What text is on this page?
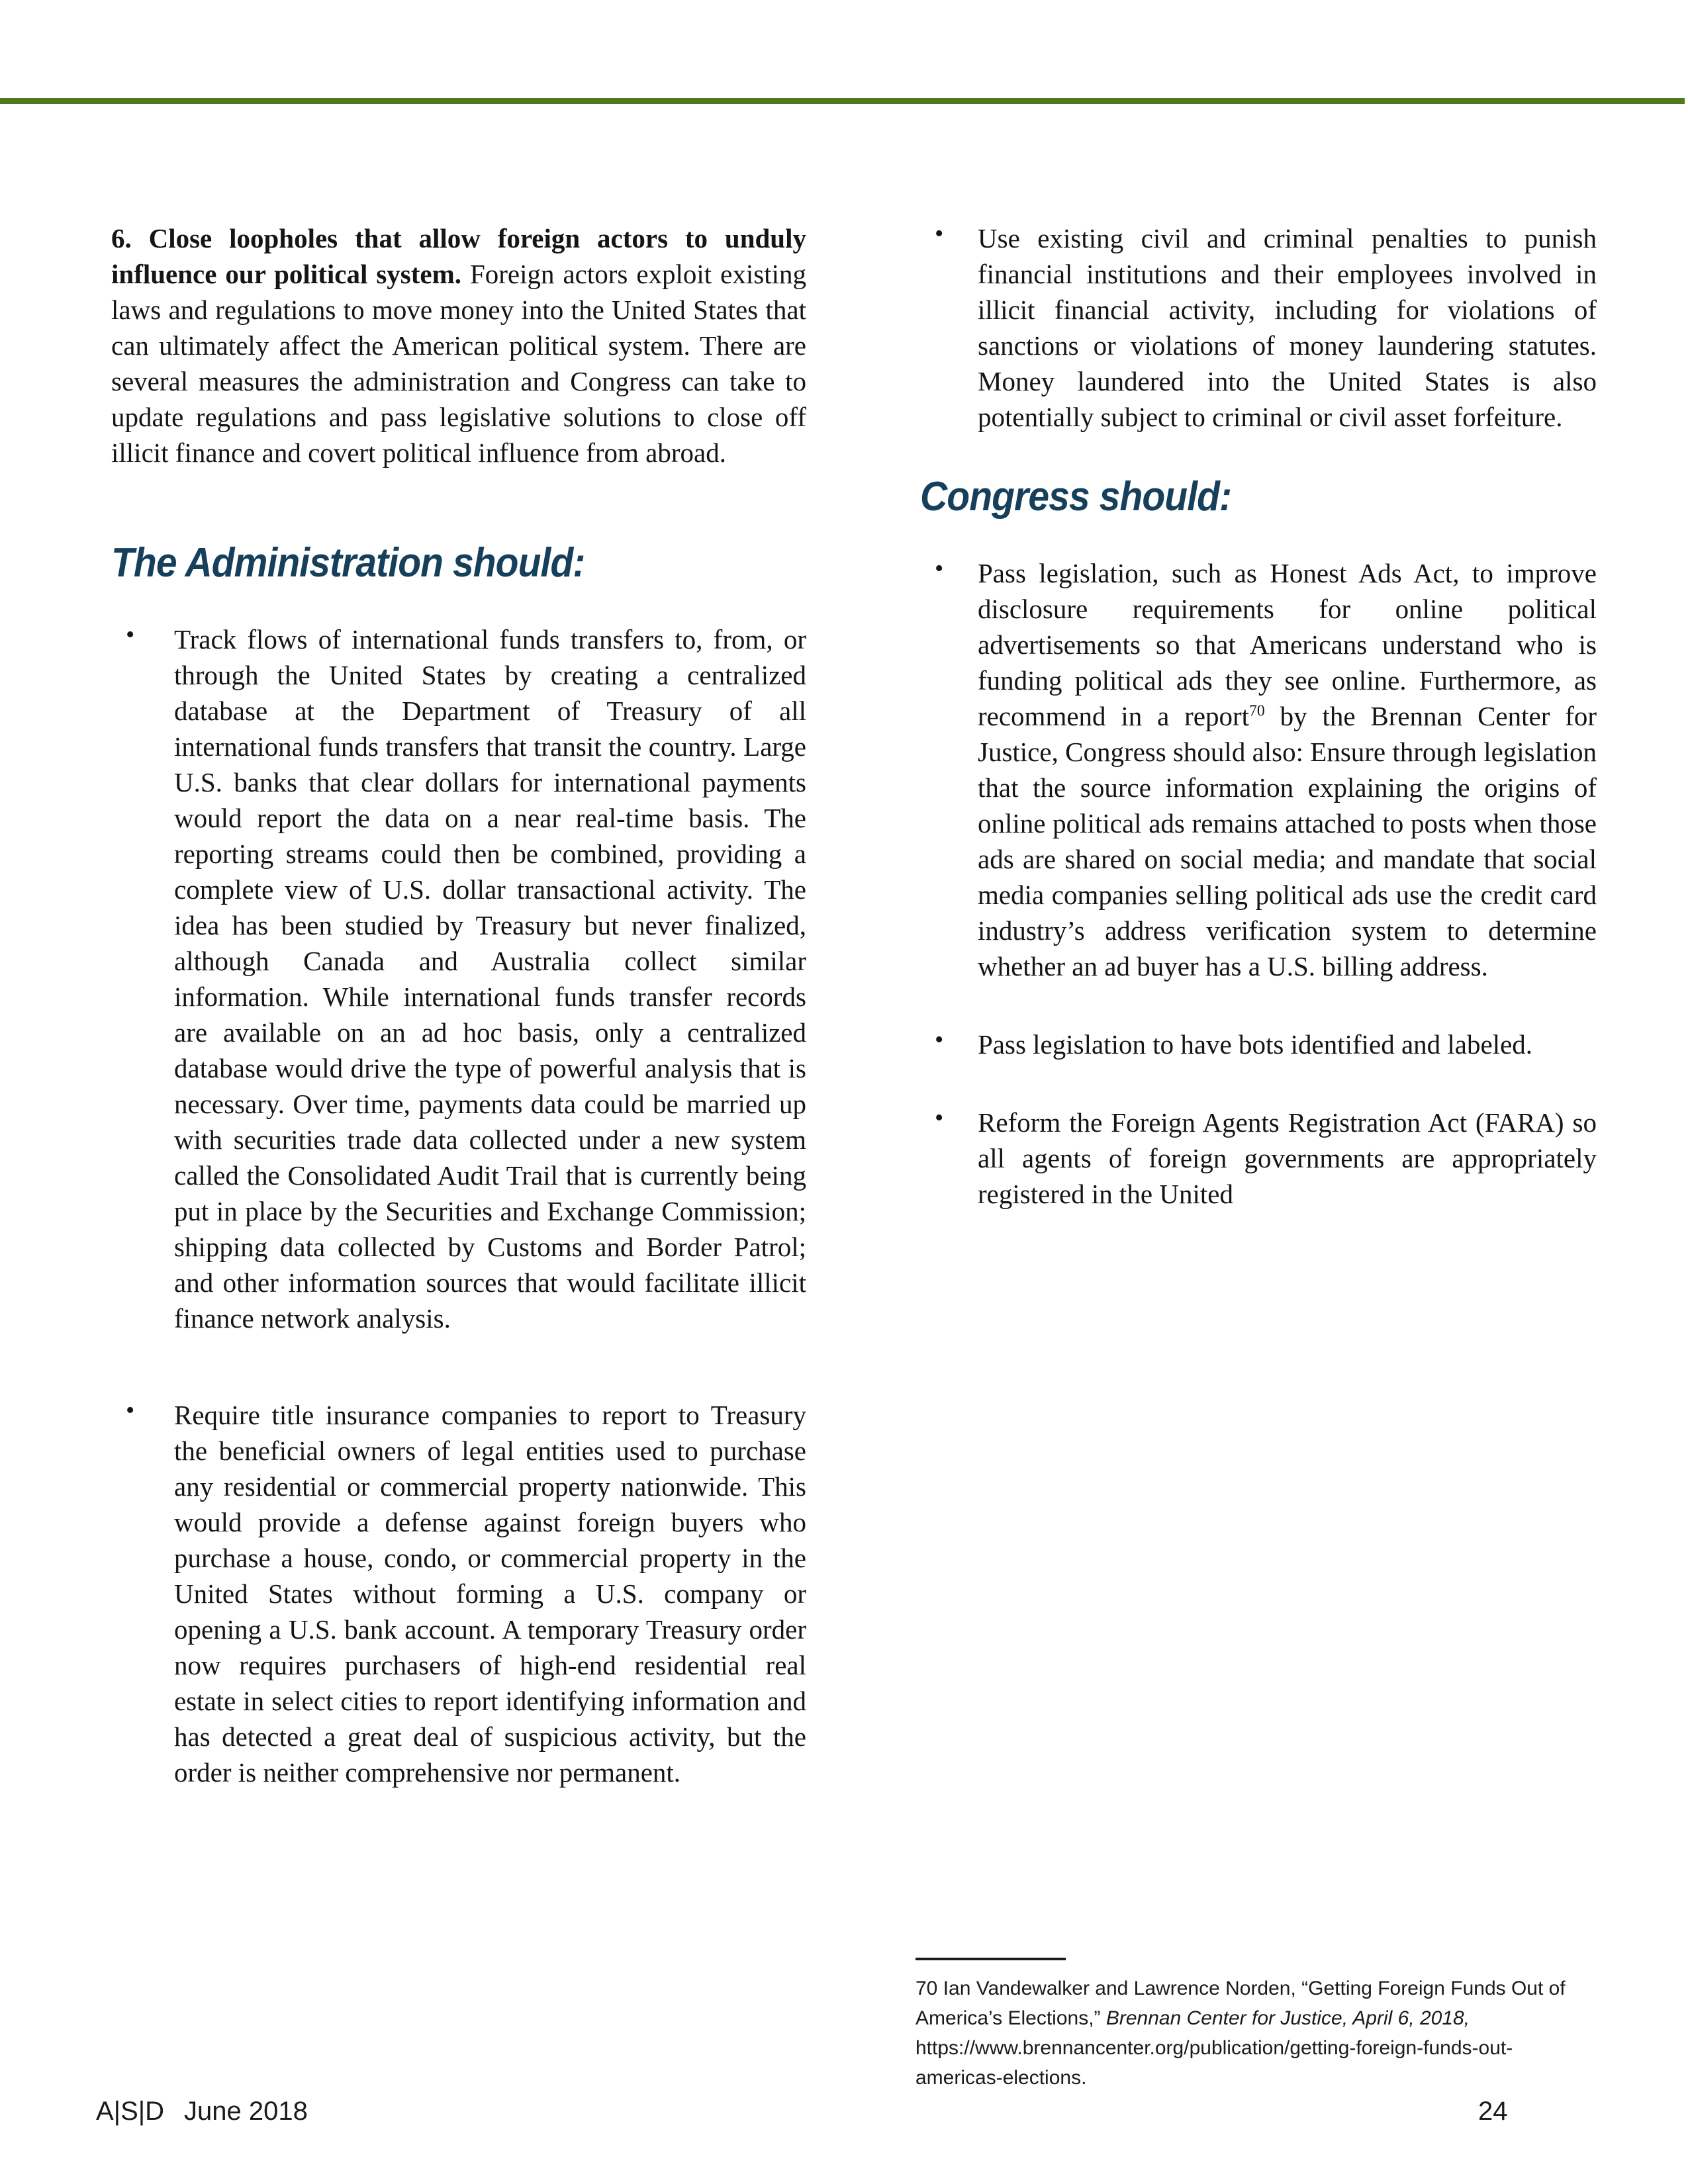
6. Close loopholes that allow foreign actors to unduly influence our political system. Foreign actors exploit existing laws and regulations to move money into the United States that can ultimately affect the American political system. There are several measures the administration and Congress can take to update regulations and pass legislative solutions to close off illicit finance and covert political influence from abroad.

The Administration should:
• Track flows of international funds transfers to, from, or through the United States by creating a centralized database at the Department of Treasury of all international funds transfers that transit the country. Large U.S. banks that clear dollars for international payments would report the data on a near real-time basis. The reporting streams could then be combined, providing a complete view of U.S. dollar transactional activity. The idea has been studied by Treasury but never finalized, although Canada and Australia collect similar information. While international funds transfer records are available on an ad hoc basis, only a centralized database would drive the type of powerful analysis that is necessary. Over time, payments data could be married up with securities trade data collected under a new system called the Consolidated Audit Trail that is currently being put in place by the Securities and Exchange Commission; shipping data collected by Customs and Border Patrol; and other information sources that would facilitate illicit finance network analysis.

• Require title insurance companies to report to Treasury the beneficial owners of legal entities used to purchase any residential or commercial property nationwide. This would provide a defense against foreign buyers who purchase a house, condo, or commercial property in the United States without forming a U.S. company or opening a U.S. bank account. A temporary Treasury order now requires purchasers of high-end residential real estate in select cities to report identifying information and has detected a great deal of suspicious activity, but the order is neither comprehensive nor permanent.

• Use existing civil and criminal penalties to punish financial institutions and their employees involved in illicit financial activity, including for violations of sanctions or violations of money laundering statutes. Money laundered into the United States is also potentially subject to criminal or civil asset forfeiture.

Congress should:
• Pass legislation, such as Honest Ads Act, to improve disclosure requirements for online political advertisements so that Americans understand who is funding political ads they see online. Furthermore, as recommend in a report$^{70}$ by the Brennan Center for Justice, Congress should also: Ensure through legislation that the source information explaining the origins of online political ads remains attached to posts when those ads are shared on social media; and mandate that social media companies selling political ads use the credit card industry’s address verification system to determine whether an ad buyer has a U.S. billing address.

• Pass legislation to have bots identified and labeled.

• Reform the Foreign Agents Registration Act (FARA) so all agents of foreign governments are appropriately registered in the United

70 Ian Vandewalker and Lawrence Norden, “Getting Foreign Funds Out of America’s Elections,” Brennan Center for Justice, April 6, 2018, https://www.brennancenter.org/publication/getting-foreign-funds-out-americas-elections.

A|S|D June 2018	24
